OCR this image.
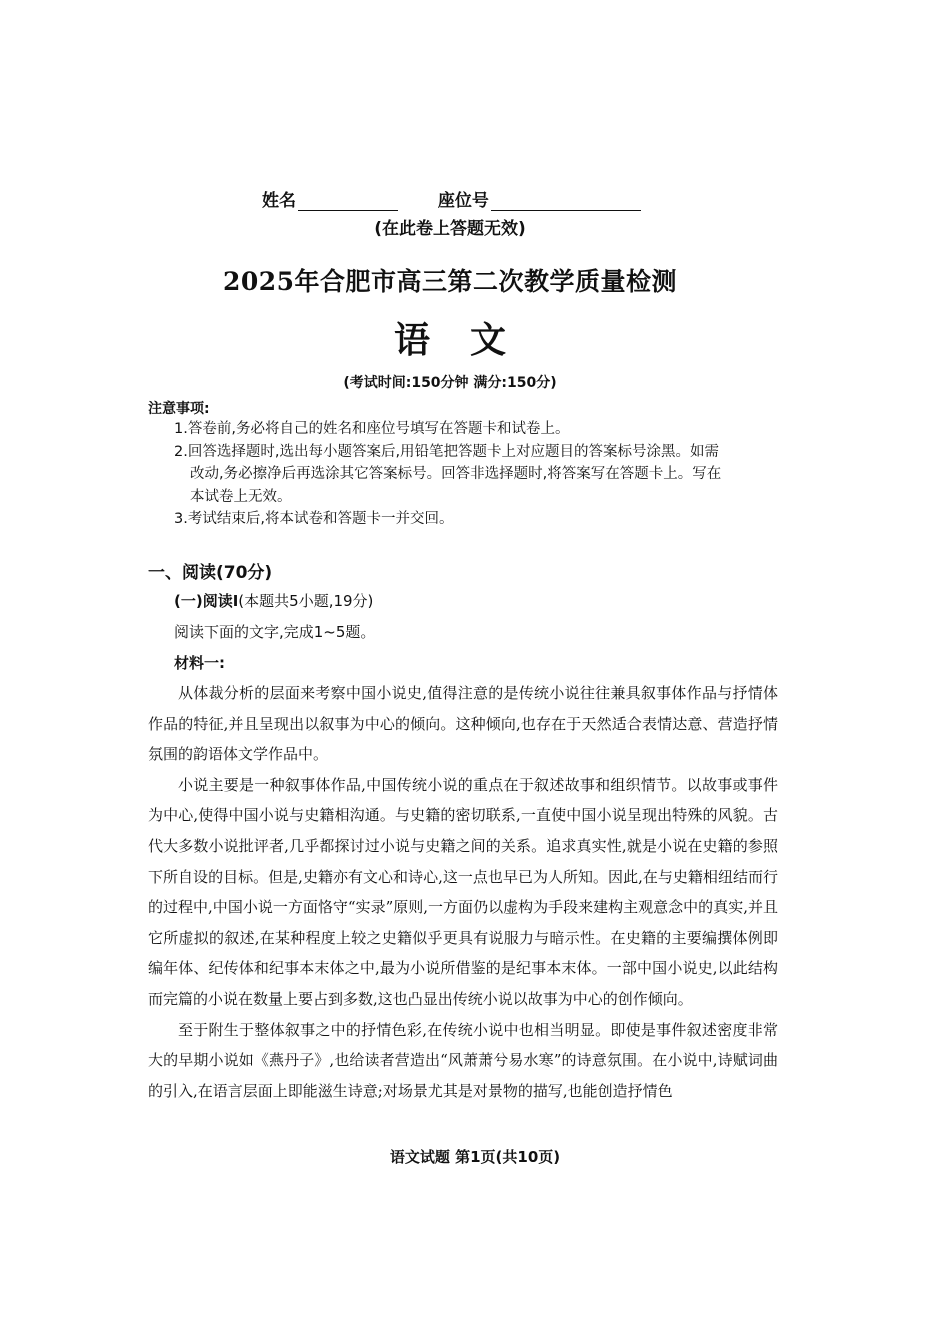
姓名	座位号
(在此卷上答题无效)
2025年合肥市高三第二次教学质量检测
语文
(考试时间:150分钟 满分:150分)
注意事项:
1.答卷前,务必将自己的姓名和座位号填写在答题卡和试卷上。
2.回答选择题时,选出每小题答案后,用铅笔把答题卡上对应题目的答案标号涂黑。如需
改动,务必擦净后再选涂其它答案标号。回答非选择题时,将答案写在答题卡上。写在
本试卷上无效。
3.考试结束后,将本试卷和答题卡一并交回。
一、阅读(70分)
(一)阅读Ⅰ(本题共5小题,19分)
阅读下面的文字,完成1~5题。
材料一:

从体裁分析的层面来考察中国小说史,值得注意的是传统小说往往兼具叙事体作品与抒情体作品的特征,并且呈现出以叙事为中心的倾向。这种倾向,也存在于天然适合表情达意、营造抒情氛围的韵语体文学作品中。

小说主要是一种叙事体作品,中国传统小说的重点在于叙述故事和组织情节。以故事或事件为中心,使得中国小说与史籍相沟通。与史籍的密切联系,一直使中国小说呈现出特殊的风貌。古代大多数小说批评者,几乎都探讨过小说与史籍之间的关系。追求真实性,就是小说在史籍的参照下所自设的目标。但是,史籍亦有文心和诗心,这一点也早已为人所知。因此,在与史籍相纽结而行的过程中,中国小说一方面恪守“实录”原则,一方面仍以虚构为手段来建构主观意念中的真实,并且它所虚拟的叙述,在某种程度上较之史籍似乎更具有说服力与暗示性。在史籍的主要编撰体例即编年体、纪传体和纪事本末体之中,最为小说所借鉴的是纪事本末体。一部中国小说史,以此结构而完篇的小说在数量上要占到多数,这也凸显出传统小说以故事为中心的创作倾向。

至于附生于整体叙事之中的抒情色彩,在传统小说中也相当明显。即使是事件叙述密度非常大的早期小说如《燕丹子》,也给读者营造出“风萧萧兮易水寒”的诗意氛围。在小说中,诗赋词曲的引入,在语言层面上即能滋生诗意;对场景尤其是对景物的描写,也能创造抒情色

语文试题 第1页(共10页)
